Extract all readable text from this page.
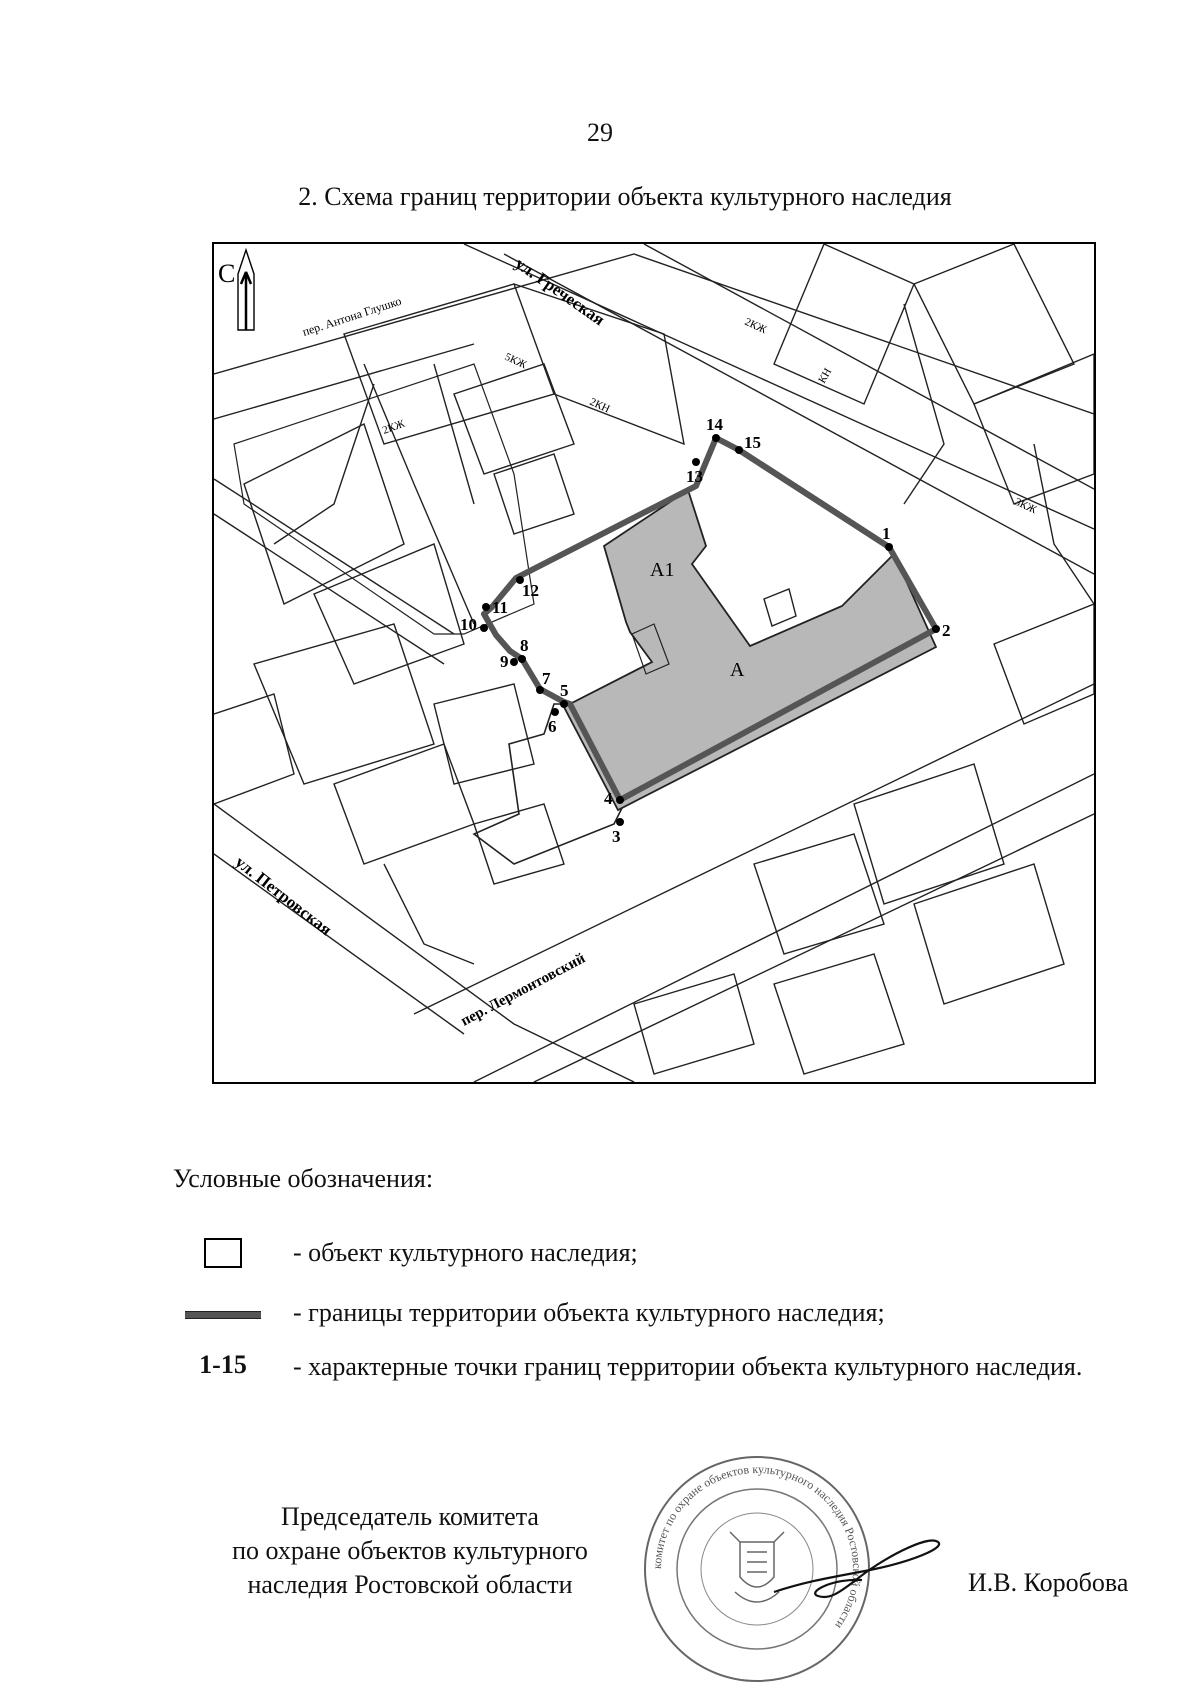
29
2. Схема границ территории объекта культурного наследия
1
2
3
4
5
6
7
8
9
10
11
12
13
14
15
А1
А
ул. Греческая
пер. Антона Глушко
ул. Петровская
пер. Лермонтовский
5КЖ
2КН
2КЖ
3КЖ
2КЖ
КН
С
Условные обозначения:
- объект культурного наследия;
- границы территории объекта культурного наследия;
1-15	- характерные точки границ территории объекта культурного наследия.
Председатель комитета
по охране объектов культурного
наследия Ростовской области
комитет по охране объектов культурного наследия Ростовской области
И.В. Коробова
